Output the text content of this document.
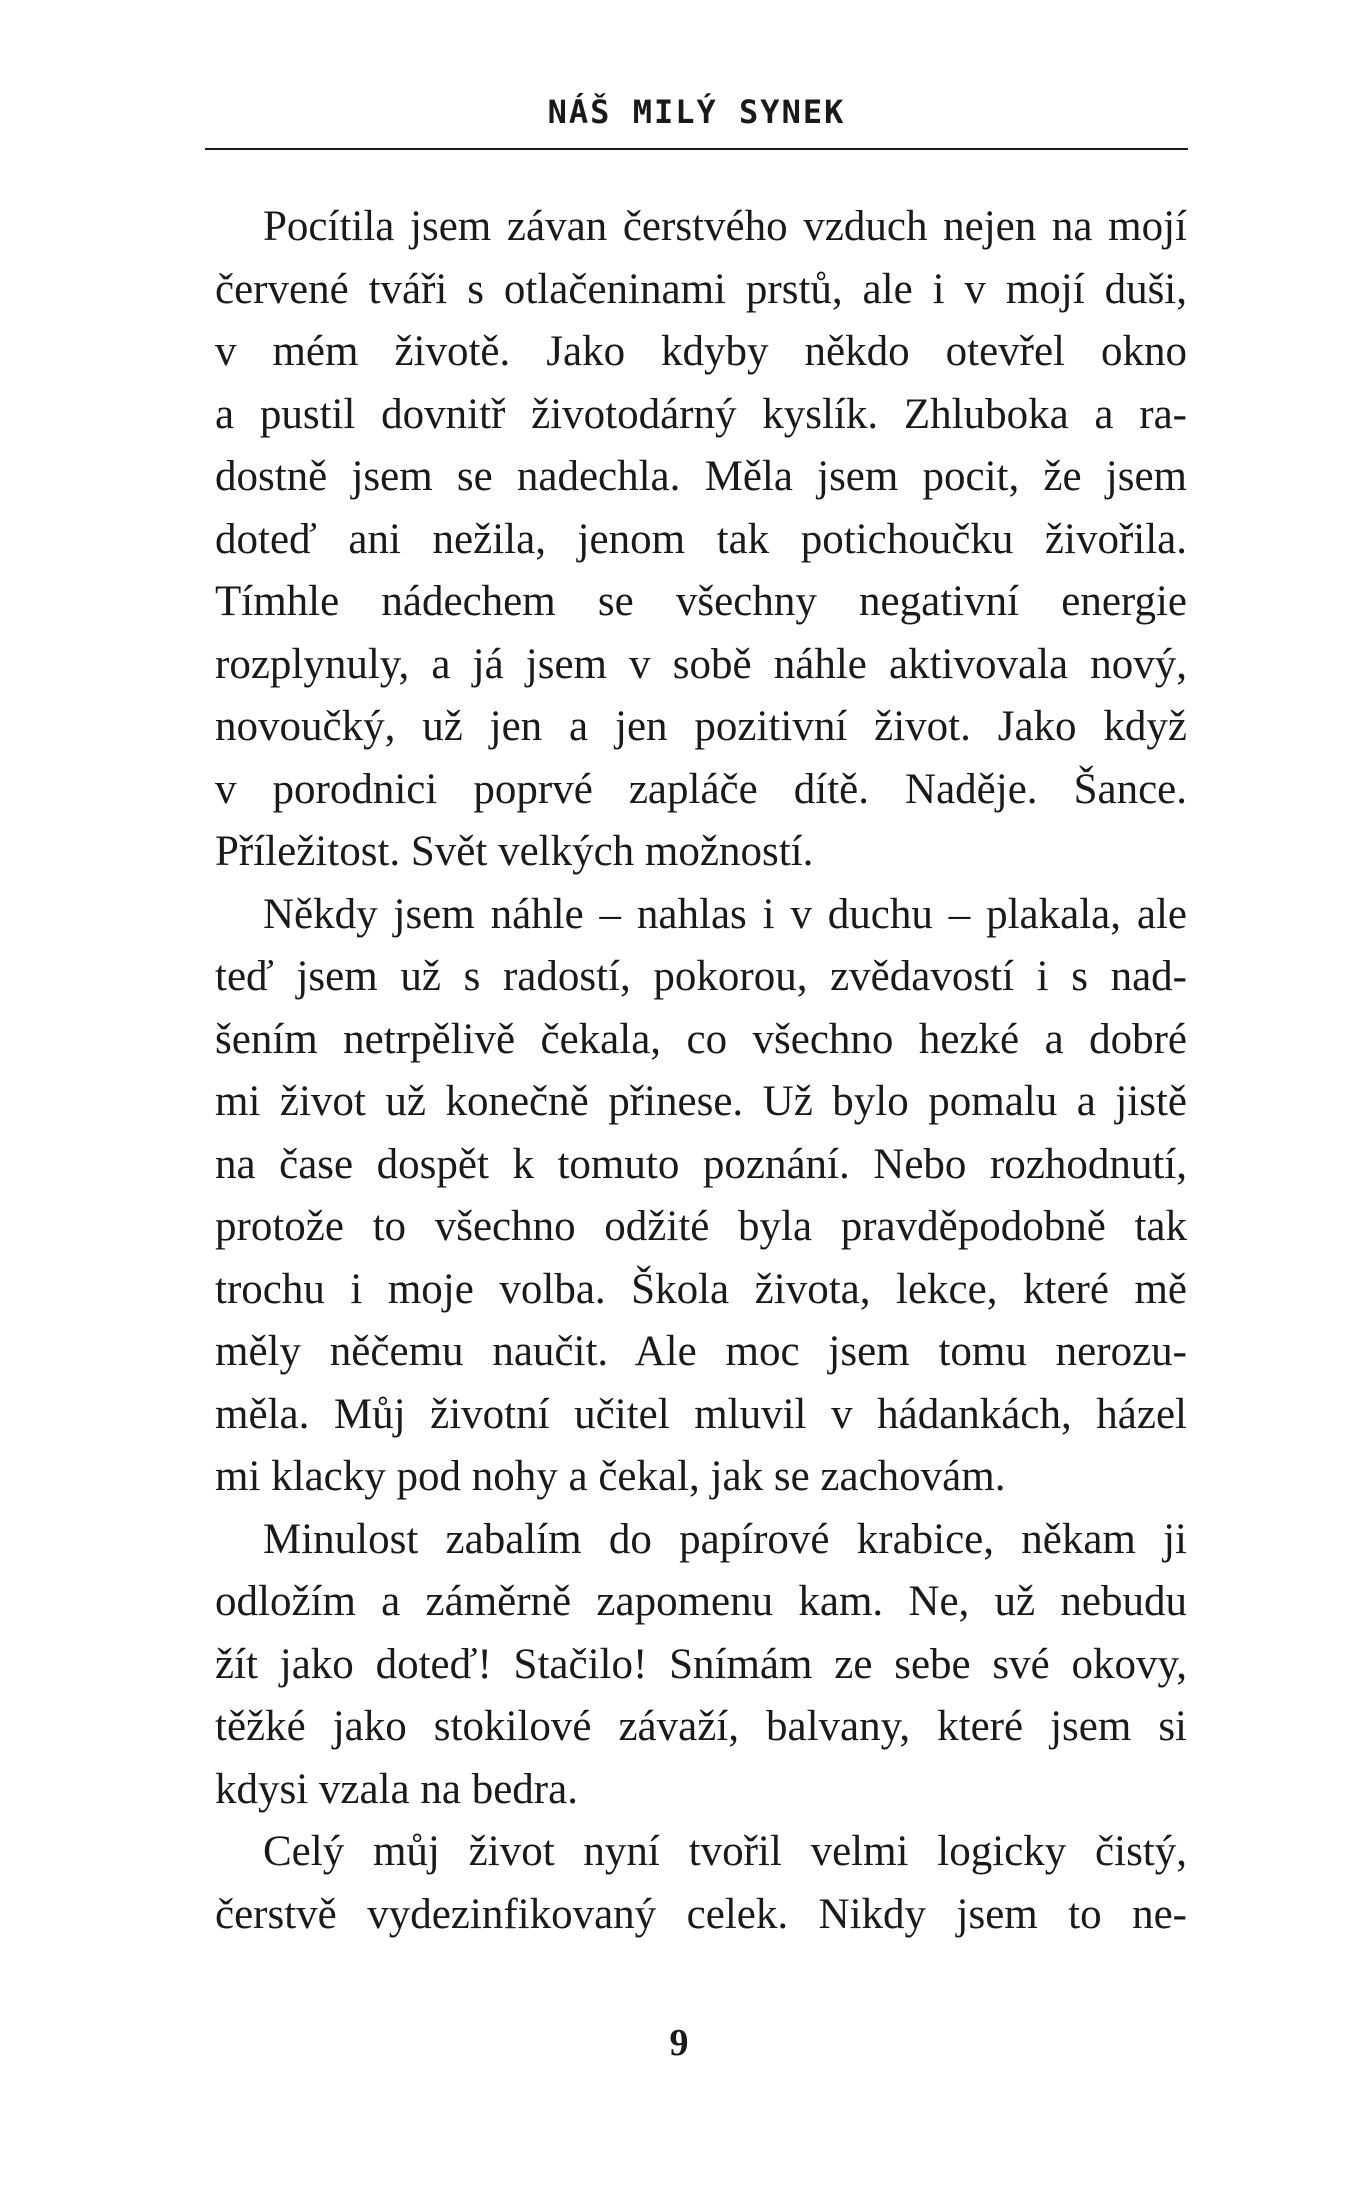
NÁŠ MILÝ SYNEK

Pocítila jsem závan čerstvého vzduch nejen na mojí
červené tváři s otlačeninami prstů, ale i v mojí duši,
v mém životě. Jako kdyby někdo otevřel okno
a pustil dovnitř životodárný kyslík. Zhluboka a ra-
dostně jsem se nadechla. Měla jsem pocit, že jsem
doteď ani nežila, jenom tak potichoučku živořila.
Tímhle nádechem se všechny negativní energie
rozplynuly, a já jsem v sobě náhle aktivovala nový,
novoučký, už jen a jen pozitivní život. Jako když
v porodnici poprvé zapláče dítě. Naděje. Šance.
Příležitost. Svět velkých možností.

Někdy jsem náhle – nahlas i v duchu – plakala, ale
teď jsem už s radostí, pokorou, zvědavostí i s nad-
šením netrpělivě čekala, co všechno hezké a dobré
mi život už konečně přinese. Už bylo pomalu a jistě
na čase dospět k tomuto poznání. Nebo rozhodnutí,
protože to všechno odžité byla pravděpodobně tak
trochu i moje volba. Škola života, lekce, které mě
měly něčemu naučit. Ale moc jsem tomu nerozu-
měla. Můj životní učitel mluvil v hádankách, házel
mi klacky pod nohy a čekal, jak se zachovám.

Minulost zabalím do papírové krabice, někam ji
odložím a záměrně zapomenu kam. Ne, už nebudu
žít jako doteď! Stačilo! Snímám ze sebe své okovy,
těžké jako stokilové závaží, balvany, které jsem si
kdysi vzala na bedra.

Celý můj život nyní tvořil velmi logicky čistý,
čerstvě vydezinfikovaný celek. Nikdy jsem to ne-

9
